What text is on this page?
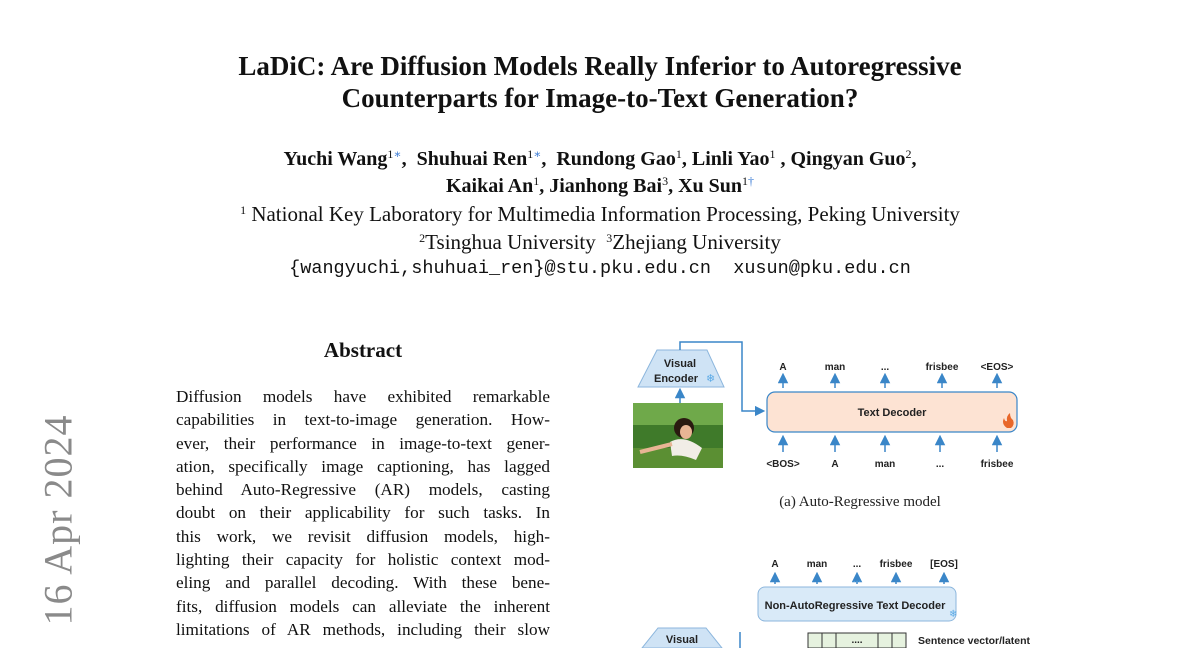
16 Apr 2024
LaDiC: Are Diffusion Models Really Inferior to Autoregressive
Counterparts for Image-to-Text Generation?
Yuchi Wang$^{1∗}$,  Shuhuai Ren$^{1∗}$,  Rundong Gao$^1$, Linli Yao$^1$ , Qingyan Guo$^2$,
Kaikai An$^1$, Jianhong Bai$^3$, Xu Sun$^{1\dagger}$
$^1$ National Key Laboratory for Multimedia Information Processing, Peking University
$^2$Tsinghua University  $^3$Zhejiang University
{wangyuchi,shuhuai_ren}@stu.pku.edu.cn  xusun@pku.edu.cn
Abstract
Diffusion models have exhibited remarkable
capabilities in text-to-image generation. How-
ever, their performance in image-to-text gener-
ation, specifically image captioning, has lagged
behind Auto-Regressive (AR) models, casting
doubt on their applicability for such tasks. In
this work, we revisit diffusion models, high-
lighting their capacity for holistic context mod-
eling and parallel decoding. With these bene-
fits, diffusion models can alleviate the inherent
limitations of AR methods, including their slow
Visual
Encoder ❄
Text Decoder
A	man	...	frisbee <EOS>
<BOS>	A	man	...	frisbee
(a) Auto-Regressive model
A	man	... frisbee [EOS]
...
Non-AutoRegressive Text Decoder
❄
Visual	....	Sentence vector/latent
